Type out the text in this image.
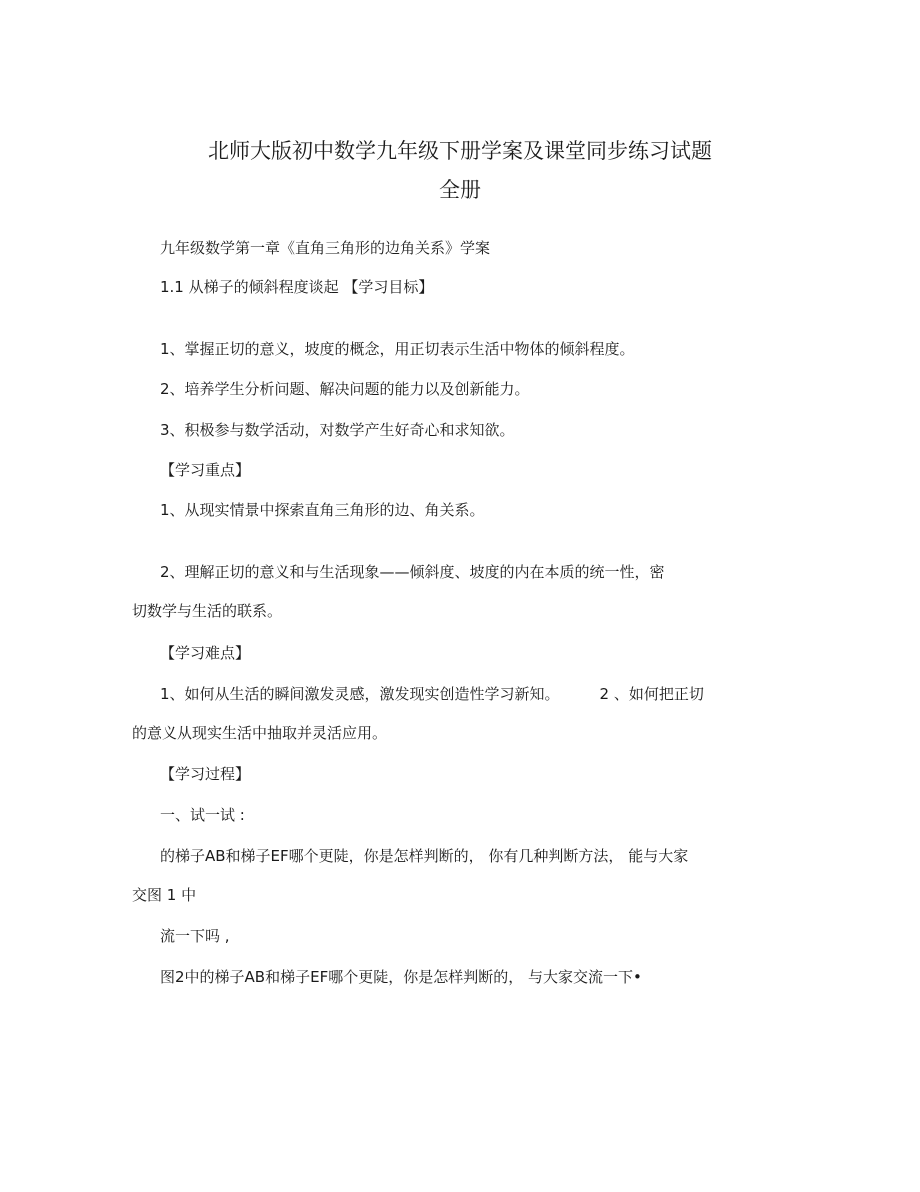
北师大版初中数学九年级下册学案及课堂同步练习试题
全册

九年级数学第一章《直角三角形的边角关系》学案

1.1 从梯子的倾斜程度谈起 【学习目标】

1、掌握正切的意义，坡度的概念，用正切表示生活中物体的倾斜程度。

2、培养学生分析问题、解决问题的能力以及创新能力。

3、积极参与数学活动，对数学产生好奇心和求知欲。

【学习重点】

1、从现实情景中探索直角三角形的边、角关系。

2、理解正切的意义和与生活现象——倾斜度、坡度的内在本质的统一性，密

切数学与生活的联系。

【学习难点】

1、如何从生活的瞬间激发灵感，激发现实创造性学习新知。	2 、如何把正切

的意义从现实生活中抽取并灵活应用。

【学习过程】

一、试一试 :

的梯子AB和梯子EF哪个更陡，你是怎样判断的， 你有几种判断方法， 能与大家

交图 1 中

流一下吗 ,

图2中的梯子AB和梯子EF哪个更陡，你是怎样判断的， 与大家交流一下•
